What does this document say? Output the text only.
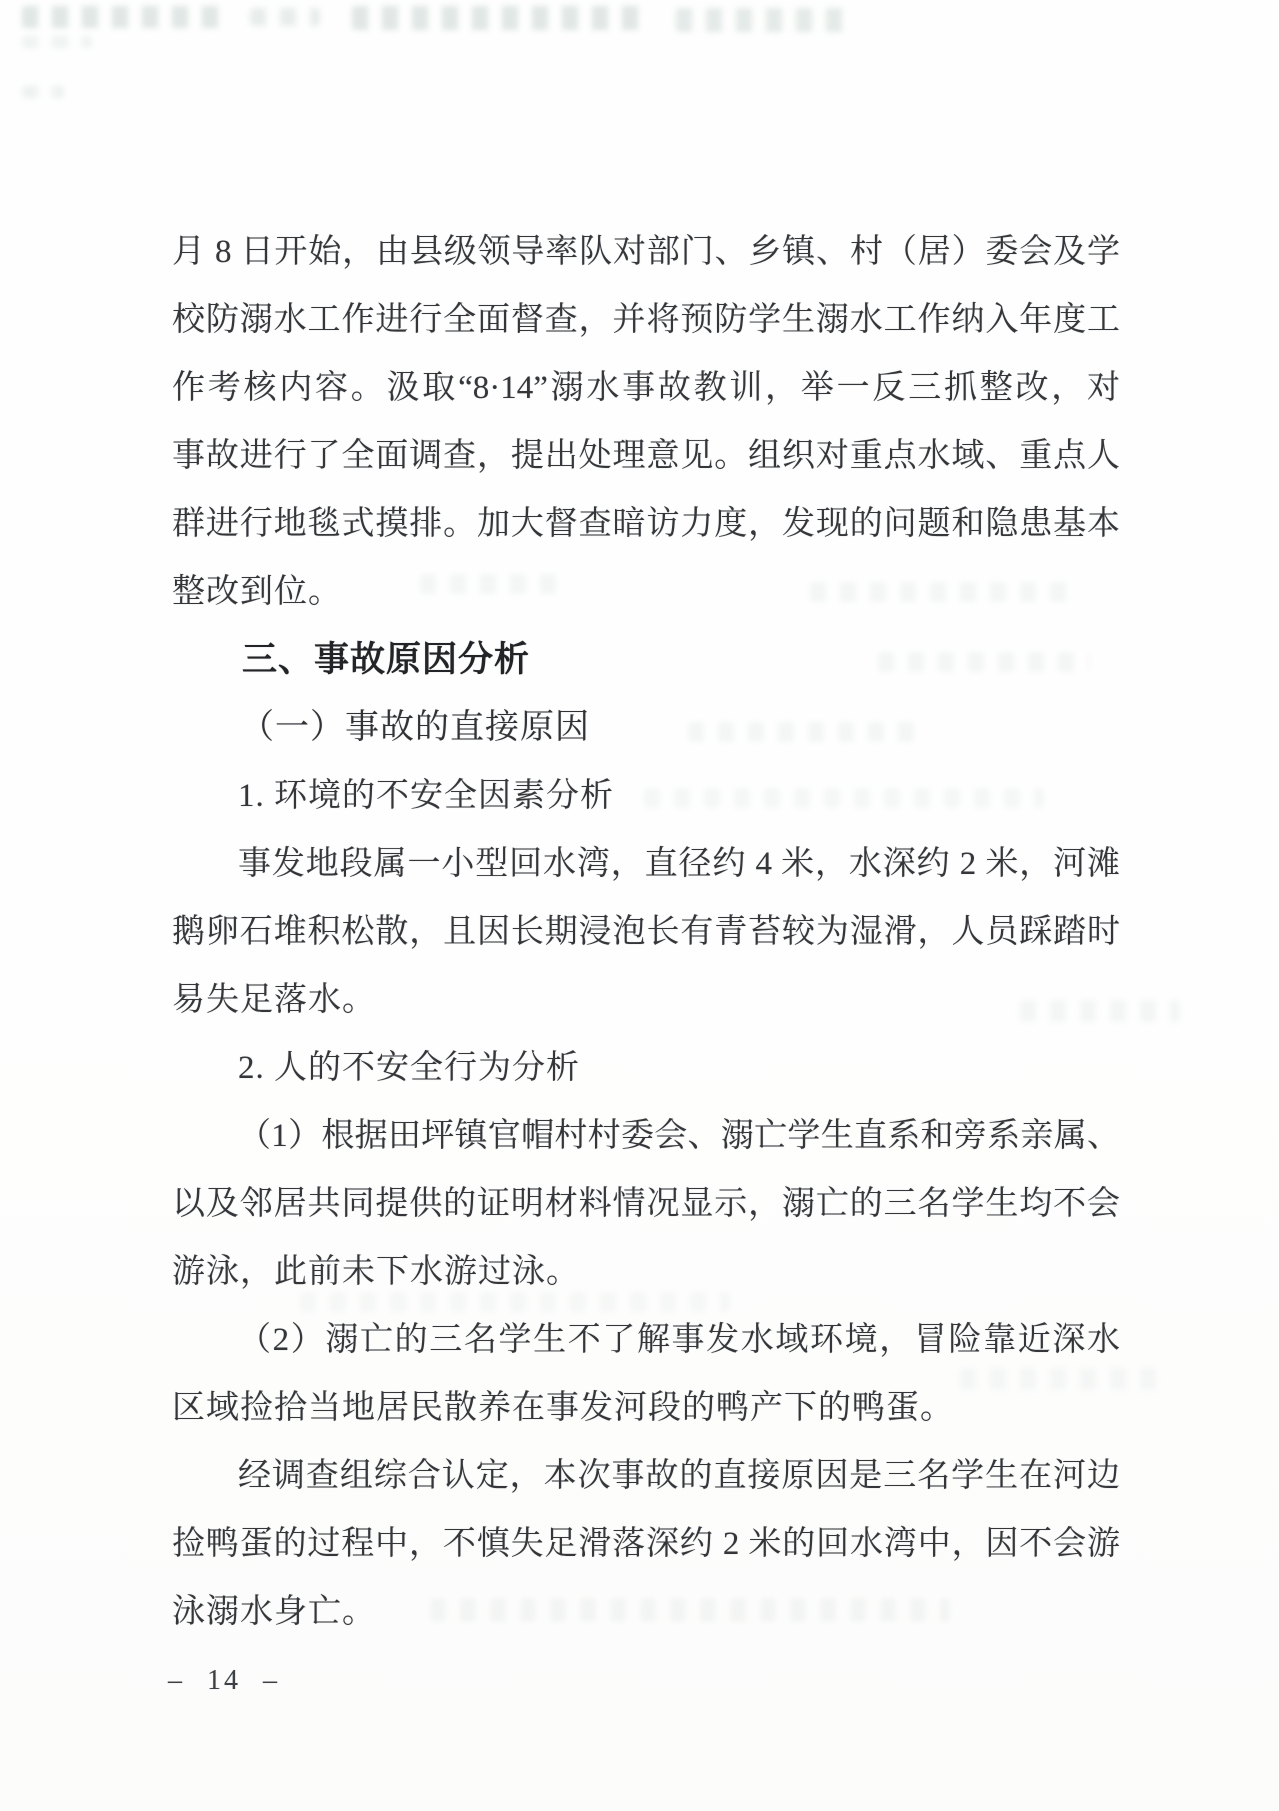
月 8 日开始，由县级领导率队对部门、乡镇、村（居）委会及学
校防溺水工作进行全面督查，并将预防学生溺水工作纳入年度工
作考核内容。汲取“8·14”溺水事故教训，举一反三抓整改，对
事故进行了全面调查，提出处理意见。组织对重点水域、重点人
群进行地毯式摸排。加大督查暗访力度，发现的问题和隐患基本
整改到位。
三、事故原因分析
（一）事故的直接原因
1. 环境的不安全因素分析
事发地段属一小型回水湾，直径约 4 米，水深约 2 米，河滩
鹅卵石堆积松散，且因长期浸泡长有青苔较为湿滑，人员踩踏时
易失足落水。
2. 人的不安全行为分析
（1）根据田坪镇官帽村村委会、溺亡学生直系和旁系亲属、
以及邻居共同提供的证明材料情况显示，溺亡的三名学生均不会
游泳，此前未下水游过泳。
（2）溺亡的三名学生不了解事发水域环境，冒险靠近深水
区域捡拾当地居民散养在事发河段的鸭产下的鸭蛋。
经调查组综合认定，本次事故的直接原因是三名学生在河边
捡鸭蛋的过程中，不慎失足滑落深约 2 米的回水湾中，因不会游
泳溺水身亡。
– 14 –
